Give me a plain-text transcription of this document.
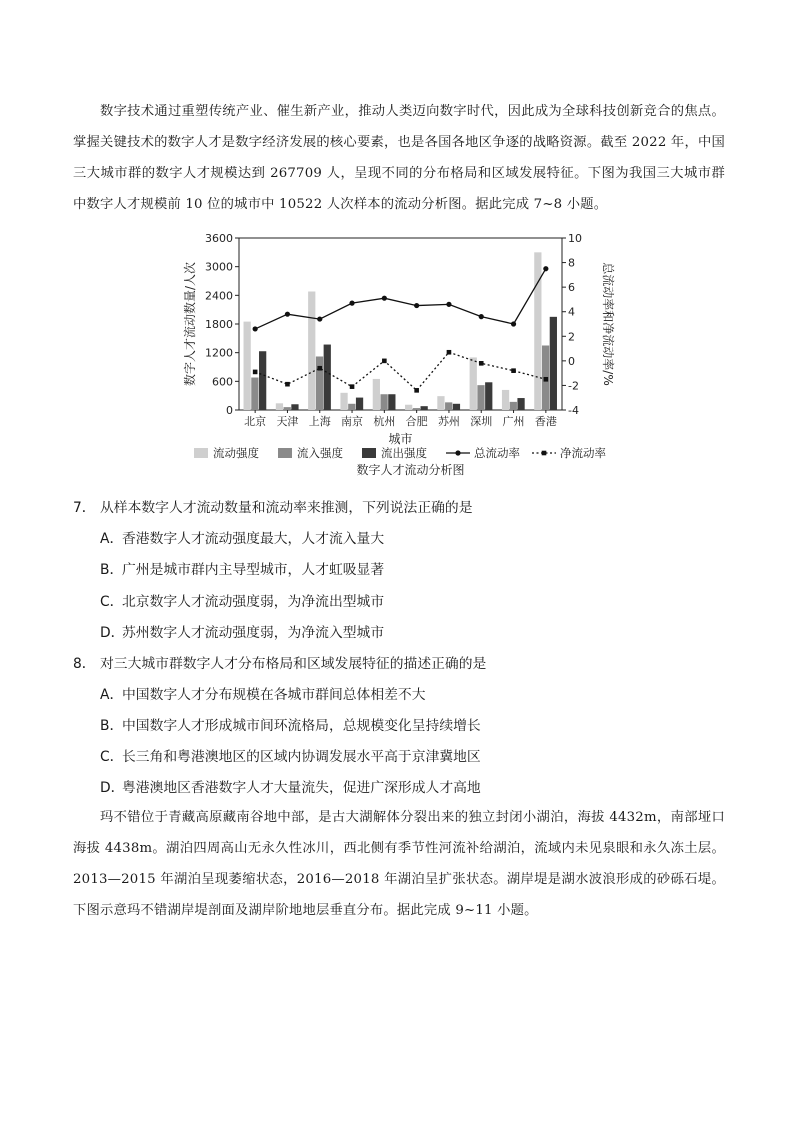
数字技术通过重塑传统产业、催生新产业，推动人类迈向数字时代，因此成为全球科技创新竞合的焦点。掌握关键技术的数字人才是数字经济发展的核心要素，也是各国各地区争逐的战略资源。截至 2022 年，中国三大城市群的数字人才规模达到 267709 人，呈现不同的分布格局和区域发展特征。下图为我国三大城市群中数字人才规模前 10 位的城市中 10522 人次样本的流动分析图。据此完成 7~8 小题。

0
600
1200
1800
2400
3000
3600
-4
-2
0
2
4
6
8
10
北京 天津 上海 南京 杭州 合肥 苏州 深圳 广州 香港
城市
数字人才流动数量/人次	总流动率和净流动率/%
流动强度	流入强度	流出强度	总流动率	净流动率
数字人才流动分析图

7． 从样本数字人才流动数量和流动率来推测，下列说法正确的是

A．香港数字人才流动强度最大，人才流入量大

B．广州是城市群内主导型城市，人才虹吸显著

C．北京数字人才流动强度弱，为净流出型城市

D．苏州数字人才流动强度弱，为净流入型城市

8． 对三大城市群数字人才分布格局和区域发展特征的描述正确的是

A．中国数字人才分布规模在各城市群间总体相差不大

B．中国数字人才形成城市间环流格局，总规模变化呈持续增长

C．长三角和粤港澳地区的区域内协调发展水平高于京津冀地区

D．粤港澳地区香港数字人才大量流失，促进广深形成人才高地

玛不错位于青藏高原藏南谷地中部，是古大湖解体分裂出来的独立封闭小湖泊，海拔 4432m，南部垭口海拔 4438m。湖泊四周高山无永久性冰川，西北侧有季节性河流补给湖泊，流域内未见泉眼和永久冻土层。2013—2015 年湖泊呈现萎缩状态，2016—2018 年湖泊呈扩张状态。湖岸堤是湖水波浪形成的砂砾石堤。下图示意玛不错湖岸堤剖面及湖岸阶地地层垂直分布。据此完成 9~11 小题。
